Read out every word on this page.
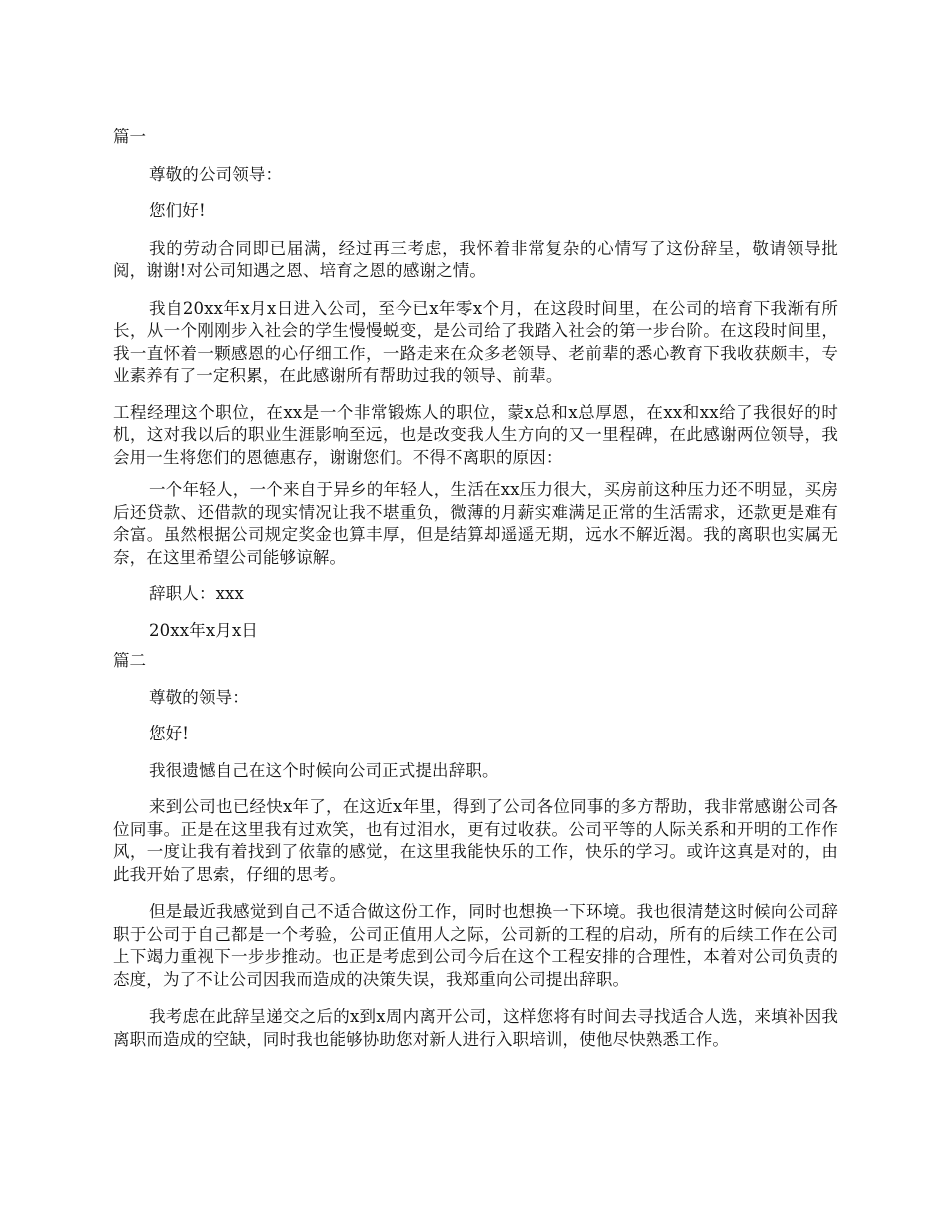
篇一

尊敬的公司领导：

您们好!

我的劳动合同即已届满，经过再三考虑，我怀着非常复杂的心情写了这份辞呈，敬请领导批阅，谢谢!对公司知遇之恩、培育之恩的感谢之情。

我自20xx年x月x日进入公司，至今已x年零x个月，在这段时间里，在公司的培育下我渐有所长，从一个刚刚步入社会的学生慢慢蜕变，是公司给了我踏入社会的第一步台阶。在这段时间里，我一直怀着一颗感恩的心仔细工作，一路走来在众多老领导、老前辈的悉心教育下我收获颇丰，专业素养有了一定积累，在此感谢所有帮助过我的领导、前辈。

工程经理这个职位，在xx是一个非常锻炼人的职位，蒙x总和x总厚恩，在xx和xx给了我很好的时机，这对我以后的职业生涯影响至远，也是改变我人生方向的又一里程碑，在此感谢两位领导，我会用一生将您们的恩德惠存，谢谢您们。不得不离职的原因：

一个年轻人，一个来自于异乡的年轻人，生活在xx压力很大，买房前这种压力还不明显，买房后还贷款、还借款的现实情况让我不堪重负，微薄的月薪实难满足正常的生活需求，还款更是难有余富。虽然根据公司规定奖金也算丰厚，但是结算却遥遥无期，远水不解近渴。我的离职也实属无奈，在这里希望公司能够谅解。

辞职人：xxx

20xx年x月x日

篇二

尊敬的领导：

您好!

我很遗憾自己在这个时候向公司正式提出辞职。

来到公司也已经快x年了，在这近x年里，得到了公司各位同事的多方帮助，我非常感谢公司各位同事。正是在这里我有过欢笑，也有过泪水，更有过收获。公司平等的人际关系和开明的工作作风，一度让我有着找到了依靠的感觉，在这里我能快乐的工作，快乐的学习。或许这真是对的，由此我开始了思索，仔细的思考。

但是最近我感觉到自己不适合做这份工作，同时也想换一下环境。我也很清楚这时候向公司辞职于公司于自己都是一个考验，公司正值用人之际，公司新的工程的启动，所有的后续工作在公司上下竭力重视下一步步推动。也正是考虑到公司今后在这个工程安排的合理性，本着对公司负责的态度，为了不让公司因我而造成的决策失误，我郑重向公司提出辞职。

我考虑在此辞呈递交之后的x到x周内离开公司，这样您将有时间去寻找适合人选，来填补因我离职而造成的空缺，同时我也能够协助您对新人进行入职培训，使他尽快熟悉工作。
